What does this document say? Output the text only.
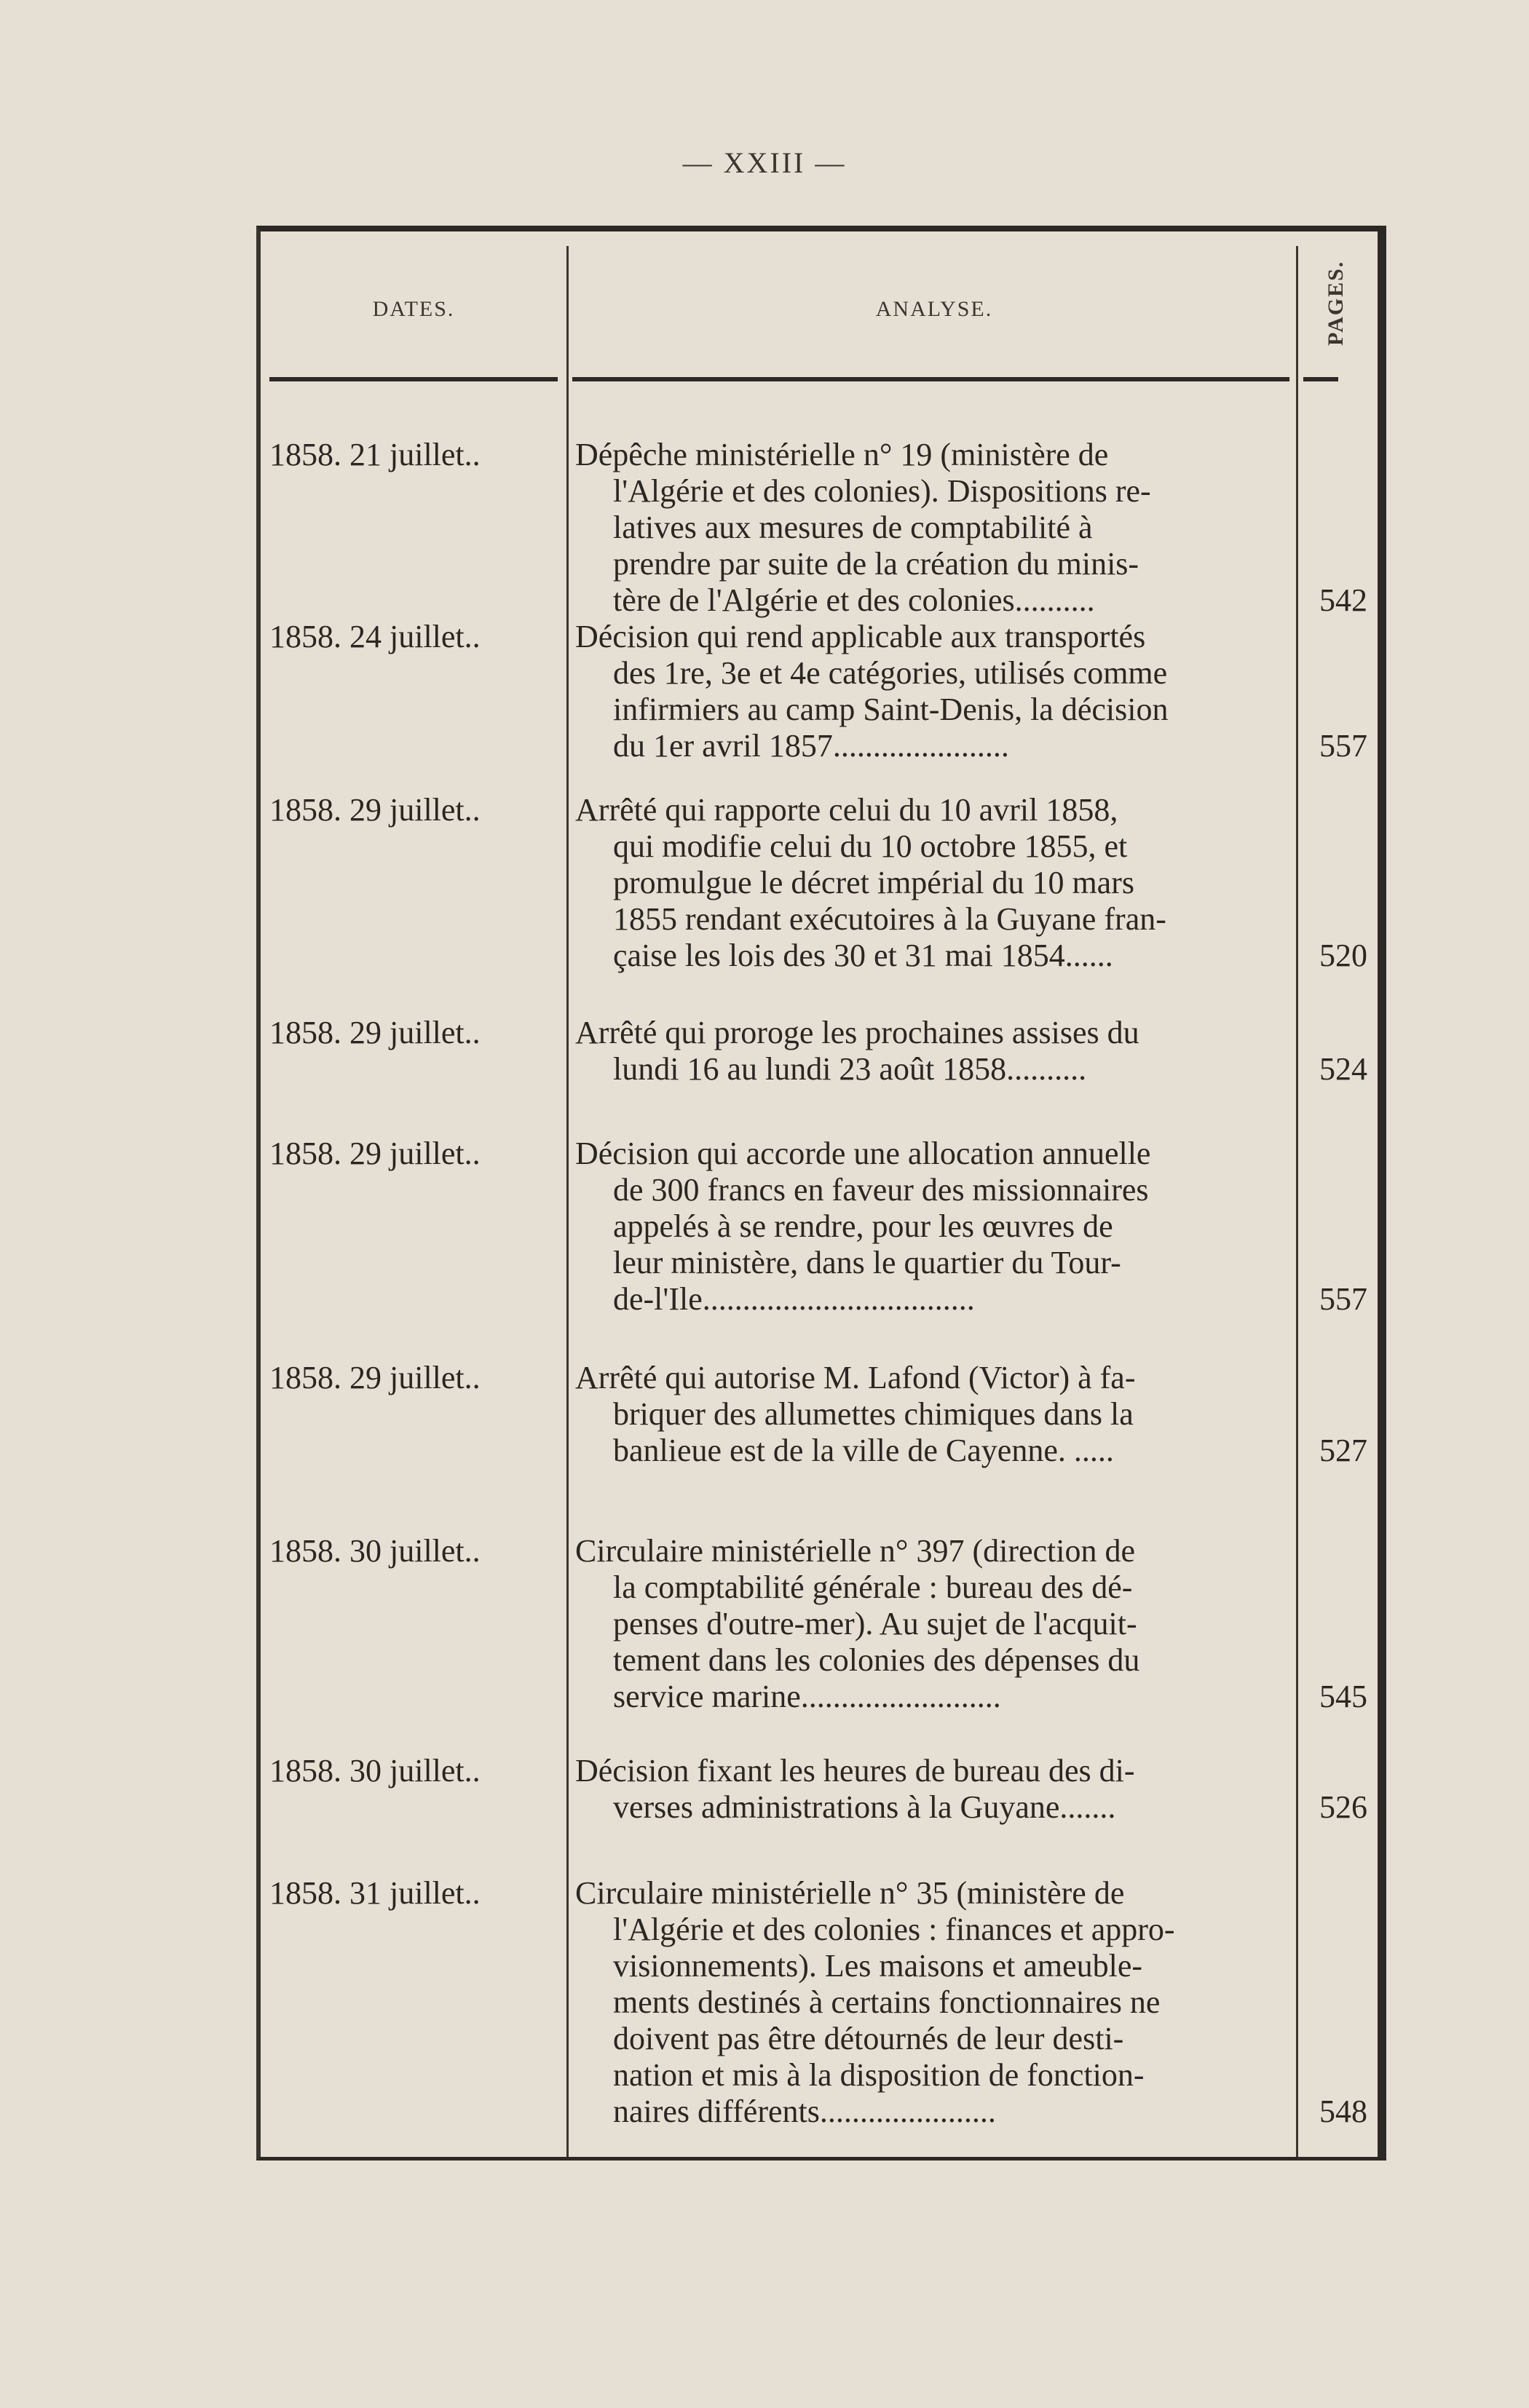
— XXIII —
DATES.	ANALYSE.	PAGES.
1858. 21 juillet..	Dépêche ministérielle n° 19 (ministère de
l'Algérie et des colonies). Dispositions re-
latives aux mesures de comptabilité à
prendre par suite de la création du minis-
tère de l'Algérie et des colonies..........	542
1858. 24 juillet..	Décision qui rend applicable aux transportés
des 1re, 3e et 4e catégories, utilisés comme
infirmiers au camp Saint-Denis, la décision
du 1er avril 1857......................	557
1858. 29 juillet..	Arrêté qui rapporte celui du 10 avril 1858,
qui modifie celui du 10 octobre 1855, et
promulgue le décret impérial du 10 mars
1855 rendant exécutoires à la Guyane fran-
çaise les lois des 30 et 31 mai 1854......	520
1858. 29 juillet..	Arrêté qui proroge les prochaines assises du
lundi 16 au lundi 23 août 1858..........	524
1858. 29 juillet..	Décision qui accorde une allocation annuelle
de 300 francs en faveur des missionnaires
appelés à se rendre, pour les œuvres de
leur ministère, dans le quartier du Tour-
de-l'Ile..................................	557
1858. 29 juillet..	Arrêté qui autorise M. Lafond (Victor) à fa-
briquer des allumettes chimiques dans la
banlieue est de la ville de Cayenne. .....	527
1858. 30 juillet..	Circulaire ministérielle n° 397 (direction de
la comptabilité générale : bureau des dé-
penses d'outre-mer). Au sujet de l'acquit-
tement dans les colonies des dépenses du
service marine.........................	545
1858. 30 juillet..	Décision fixant les heures de bureau des di-
verses administrations à la Guyane.......	526
1858. 31 juillet..	Circulaire ministérielle n° 35 (ministère de
l'Algérie et des colonies : finances et appro-
visionnements). Les maisons et ameuble-
ments destinés à certains fonctionnaires ne
doivent pas être détournés de leur desti-
nation et mis à la disposition de fonction-
naires différents......................	548
